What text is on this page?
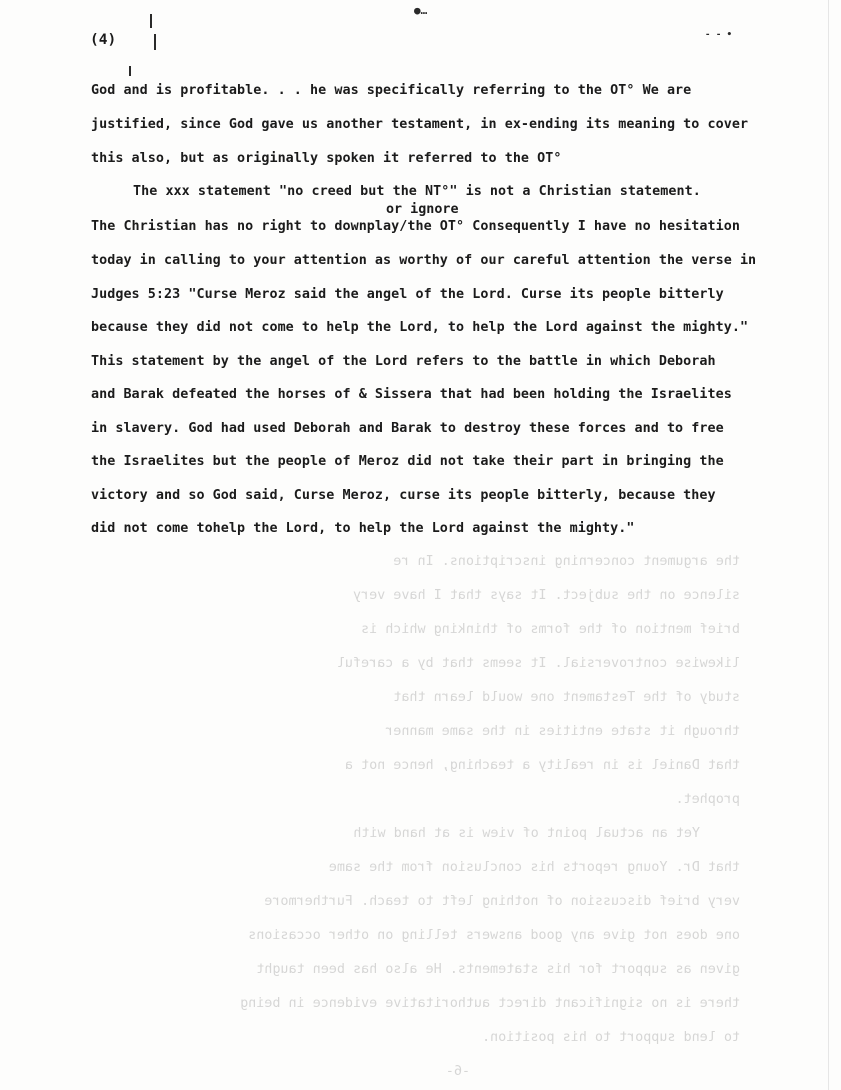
●…
- - •
(4)
God and is profitable. . . he was specifically referring to the OT° We are
justified, since God gave us another testament, in ex-ending its meaning to cover
this also, but as originally spoken it referred to the OT°
The xxx statement "no creed but the NT°" is not a Christian statement.
or ignore
The Christian has no right to downplay/the OT° Consequently I have no hesitation
today in calling to your attention as worthy of our careful attention the verse in
Judges 5:23 "Curse Meroz said the angel of the Lord. Curse its people bitterly
because they did not come to help the Lord, to help the Lord against the mighty."
This statement by the angel of the Lord refers to the battle in which Deborah
and Barak defeated the horses of & Sissera that had been holding the Israelites
in slavery. God had used Deborah and Barak to destroy these forces and to free
the Israelites but the people of Meroz did not take their part in bringing the
victory and so God said, Curse Meroz, curse its people bitterly, because they
did not come tohelp the Lord, to help the Lord against the mighty."
the argument concerning inscriptions. In re
silence on the subject. It says that I have very
brief mention of the forms of thinking which is
likewise controversial. It seems that by a careful
study of the Testament one would learn that
through it state entities in the same manner
that Daniel is in reality a teaching, hence not a
prophet.
Yet an actual point of view is at hand with
that Dr. Young reports his conclusion from the same
very brief discussion of nothing left to teach. Furthermore
one does not give any good answers telling on other occasions
given as support for his statements. He also has been taught
there is no significant direct authoritative evidence in being
to lend support to his position.
-6-
